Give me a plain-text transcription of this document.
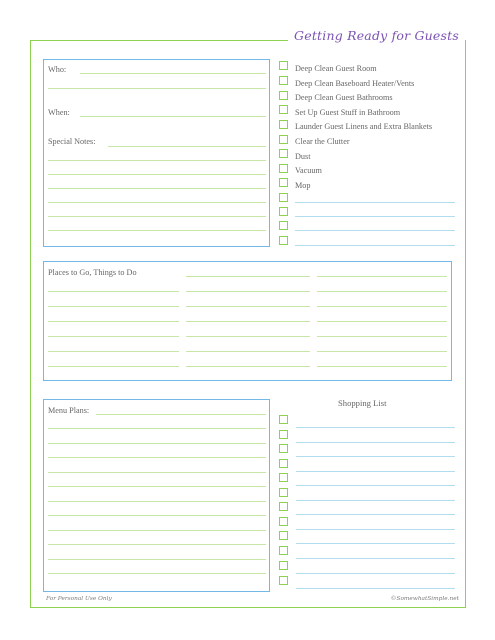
Getting Ready for Guests
Who:
When:
Special Notes:
Deep Clean Guest Room
Deep Clean Baseboard Heater/Vents
Deep Clean Guest Bathrooms
Set Up Guest Stuff in Bathroom
Launder Guest Linens and Extra Blankets
Clear the Clutter
Dust
Vacuum
Mop
Places to Go, Things to Do
Menu Plans:
Shopping List
For Personal Use Only	©SomewhatSimple.net
